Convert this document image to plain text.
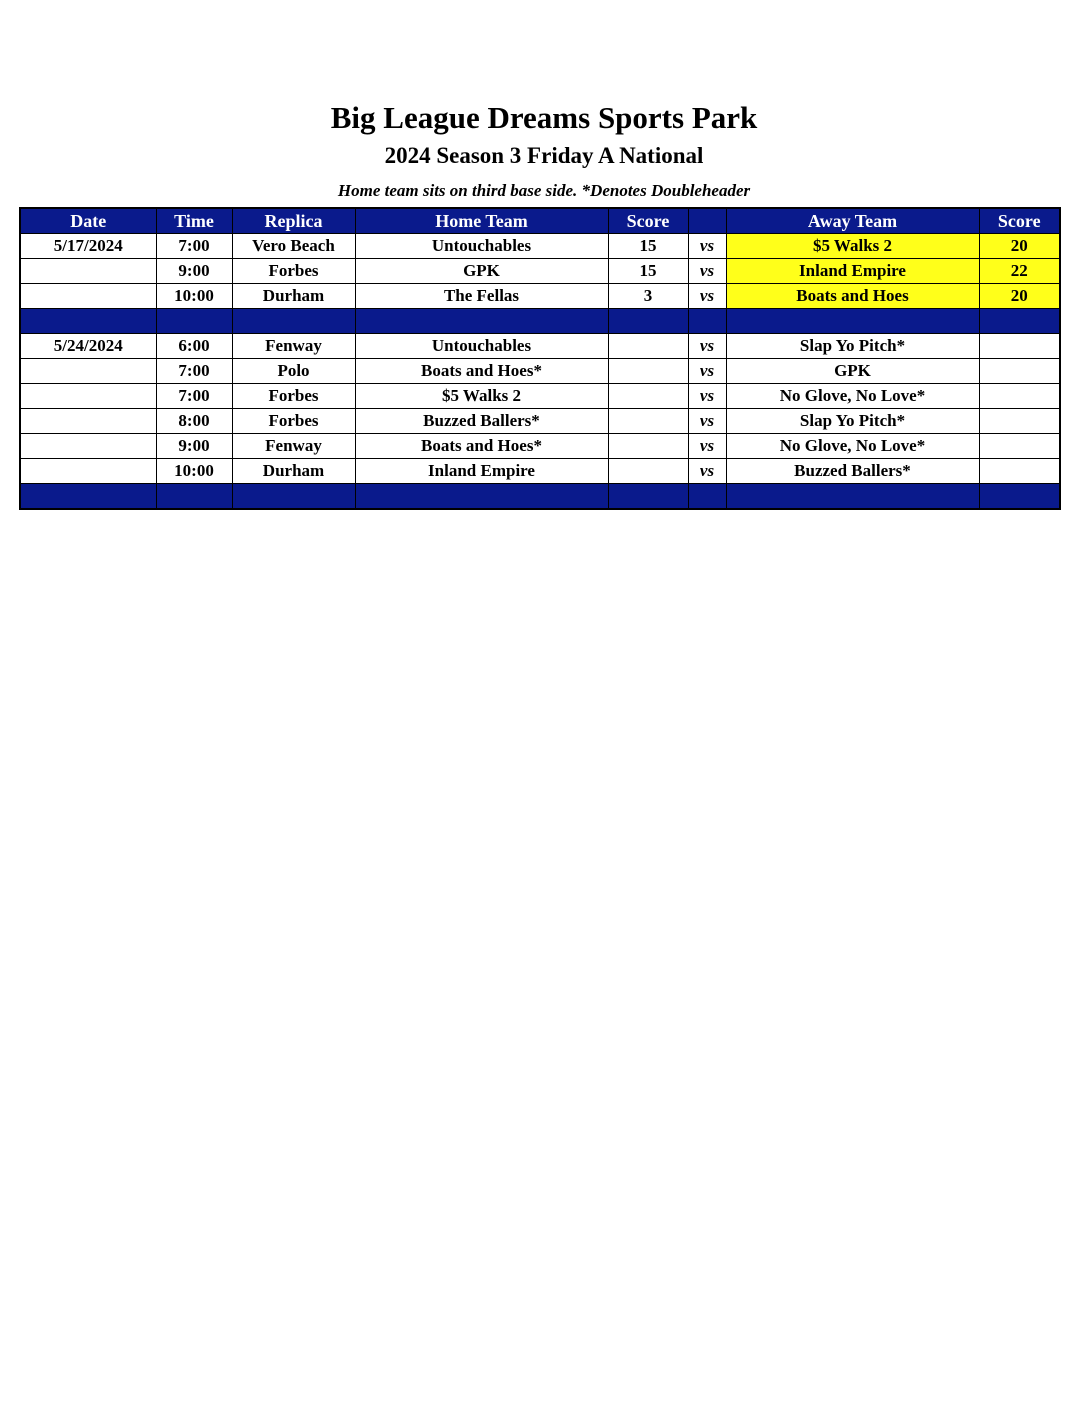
Big League Dreams Sports Park
2024 Season 3 Friday A National
Home team sits on third base side. *Denotes Doubleheader
Date	Time	Replica	Home Team	Score		Away Team	Score
5/17/2024	7:00	Vero Beach	Untouchables	15	vs	$5 Walks 2	20
	9:00	Forbes	GPK	15	vs	Inland Empire	22
	10:00	Durham	The Fellas	3	vs	Boats and Hoes	20

5/24/2024	6:00	Fenway	Untouchables		vs	Slap Yo Pitch*	
	7:00	Polo	Boats and Hoes*		vs	GPK	
	7:00	Forbes	$5 Walks 2		vs	No Glove, No Love*	
	8:00	Forbes	Buzzed Ballers*		vs	Slap Yo Pitch*	
	9:00	Fenway	Boats and Hoes*		vs	No Glove, No Love*	
	10:00	Durham	Inland Empire		vs	Buzzed Ballers*	
